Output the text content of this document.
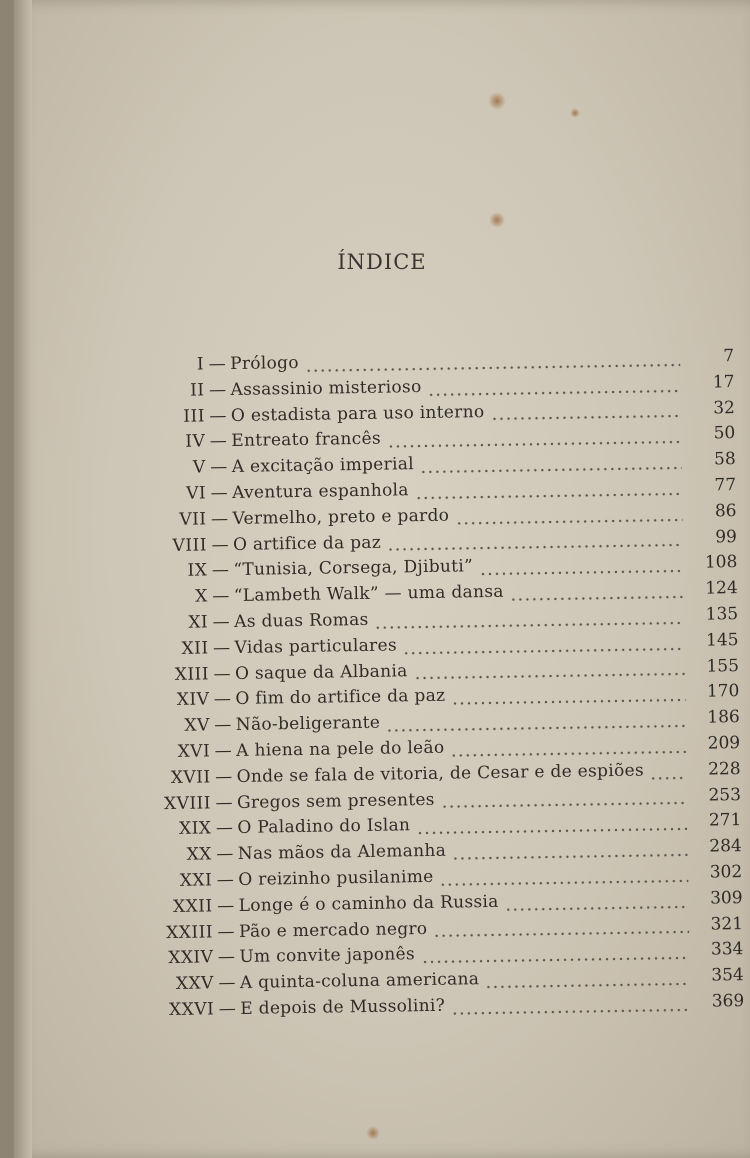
ÍNDICE
I — Prólogo	7
II — Assassinio misterioso	17
III — O estadista para uso interno	32
IV — Entreato francês	50
V — A excitação imperial	58
VI — Aventura espanhola	77
VII — Vermelho, preto e pardo	86
VIII — O artifice da paz	99
IX — “Tunisia, Corsega, Djibuti”	108
X — “Lambeth Walk” — uma dansa	124
XI — As duas Romas	135
XII — Vidas particulares	145
XIII — O saque da Albania	155
XIV — O fim do artifice da paz	170
XV — Não-beligerante	186
XVI — A hiena na pele do leão	209
XVII — Onde se fala de vitoria, de Cesar e de espiões	228
XVIII — Gregos sem presentes	253
XIX — O Paladino do Islan	271
XX — Nas mãos da Alemanha	284
XXI — O reizinho pusilanime	302
XXII — Longe é o caminho da Russia	309
XXIII — Pão e mercado negro	321
XXIV — Um convite japonês	334
XXV — A quinta-coluna americana	354
XXVI — E depois de Mussolini?	369
